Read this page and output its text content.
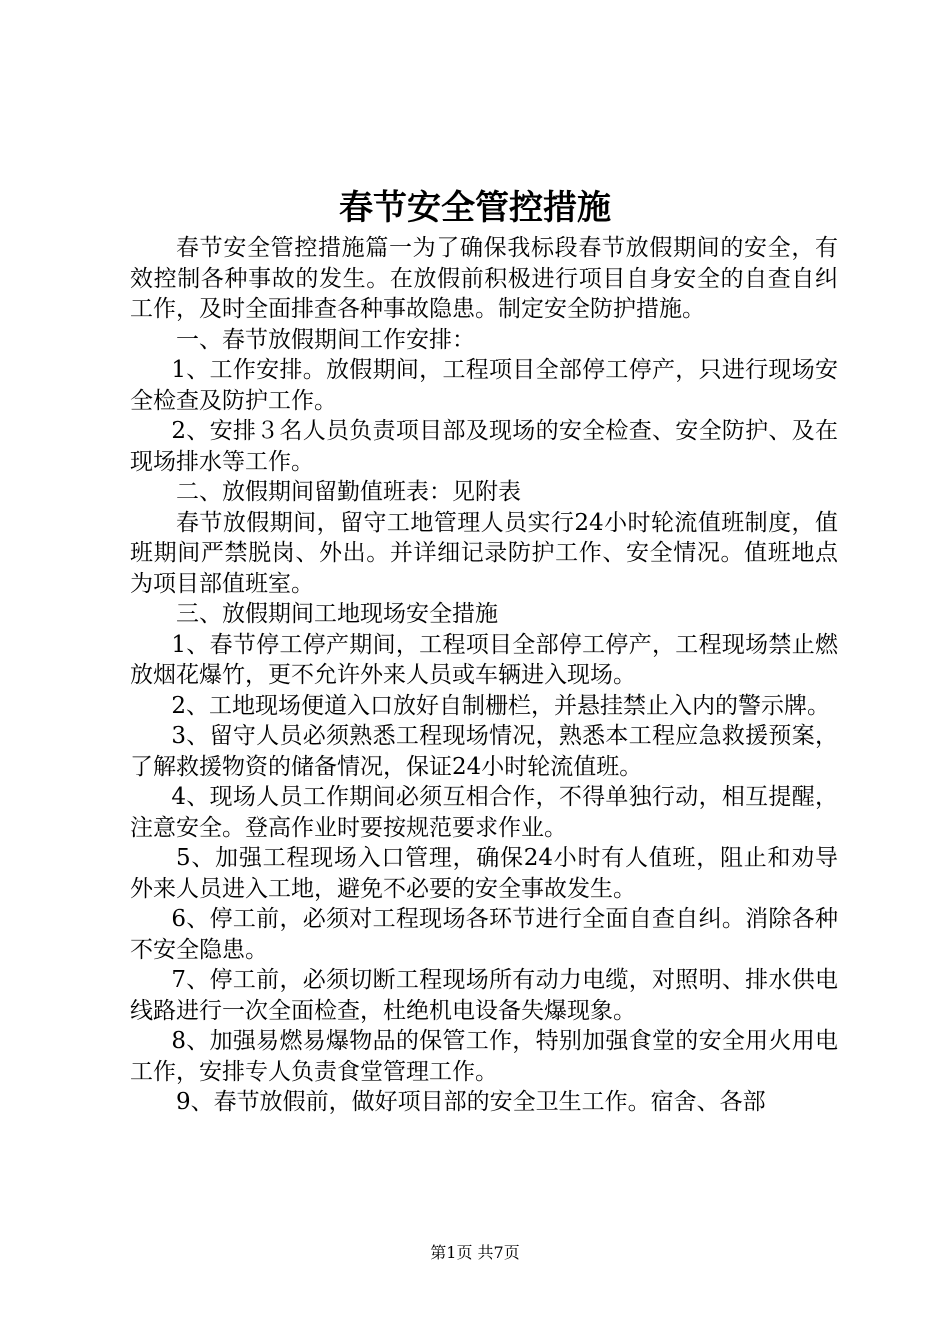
春节安全管控措施

春节安全管控措施篇一为了确保我标段春节放假期间的安全，有效控制各种事故的发生。在放假前积极进行项目自身安全的自查自纠工作，及时全面排查各种事故隐患。制定安全防护措施。

一、春节放假期间工作安排：

1、工作安排。放假期间，工程项目全部停工停产，只进行现场安全检查及防护工作。

2、安排３名人员负责项目部及现场的安全检查、安全防护、及在现场排水等工作。

二、放假期间留勤值班表：见附表

春节放假期间，留守工地管理人员实行24小时轮流值班制度，值班期间严禁脱岗、外出。并详细记录防护工作、安全情况。值班地点为项目部值班室。

三、放假期间工地现场安全措施

1、春节停工停产期间，工程项目全部停工停产，工程现场禁止燃放烟花爆竹，更不允许外来人员或车辆进入现场。

2、工地现场便道入口放好自制栅栏，并悬挂禁止入内的警示牌。

3、留守人员必须熟悉工程现场情况，熟悉本工程应急救援预案，了解救援物资的储备情况，保证24小时轮流值班。

4、现场人员工作期间必须互相合作，不得单独行动，相互提醒，注意安全。登高作业时要按规范要求作业。

5、加强工程现场入口管理，确保24小时有人值班，阻止和劝导外来人员进入工地，避免不必要的安全事故发生。

6、停工前，必须对工程现场各环节进行全面自查自纠。消除各种不安全隐患。

7、停工前，必须切断工程现场所有动力电缆，对照明、排水供电线路进行一次全面检查，杜绝机电设备失爆现象。

8、加强易燃易爆物品的保管工作，特别加强食堂的安全用火用电工作，安排专人负责食堂管理工作。

9、春节放假前，做好项目部的安全卫生工作。宿舍、各部

第1页 共7页
